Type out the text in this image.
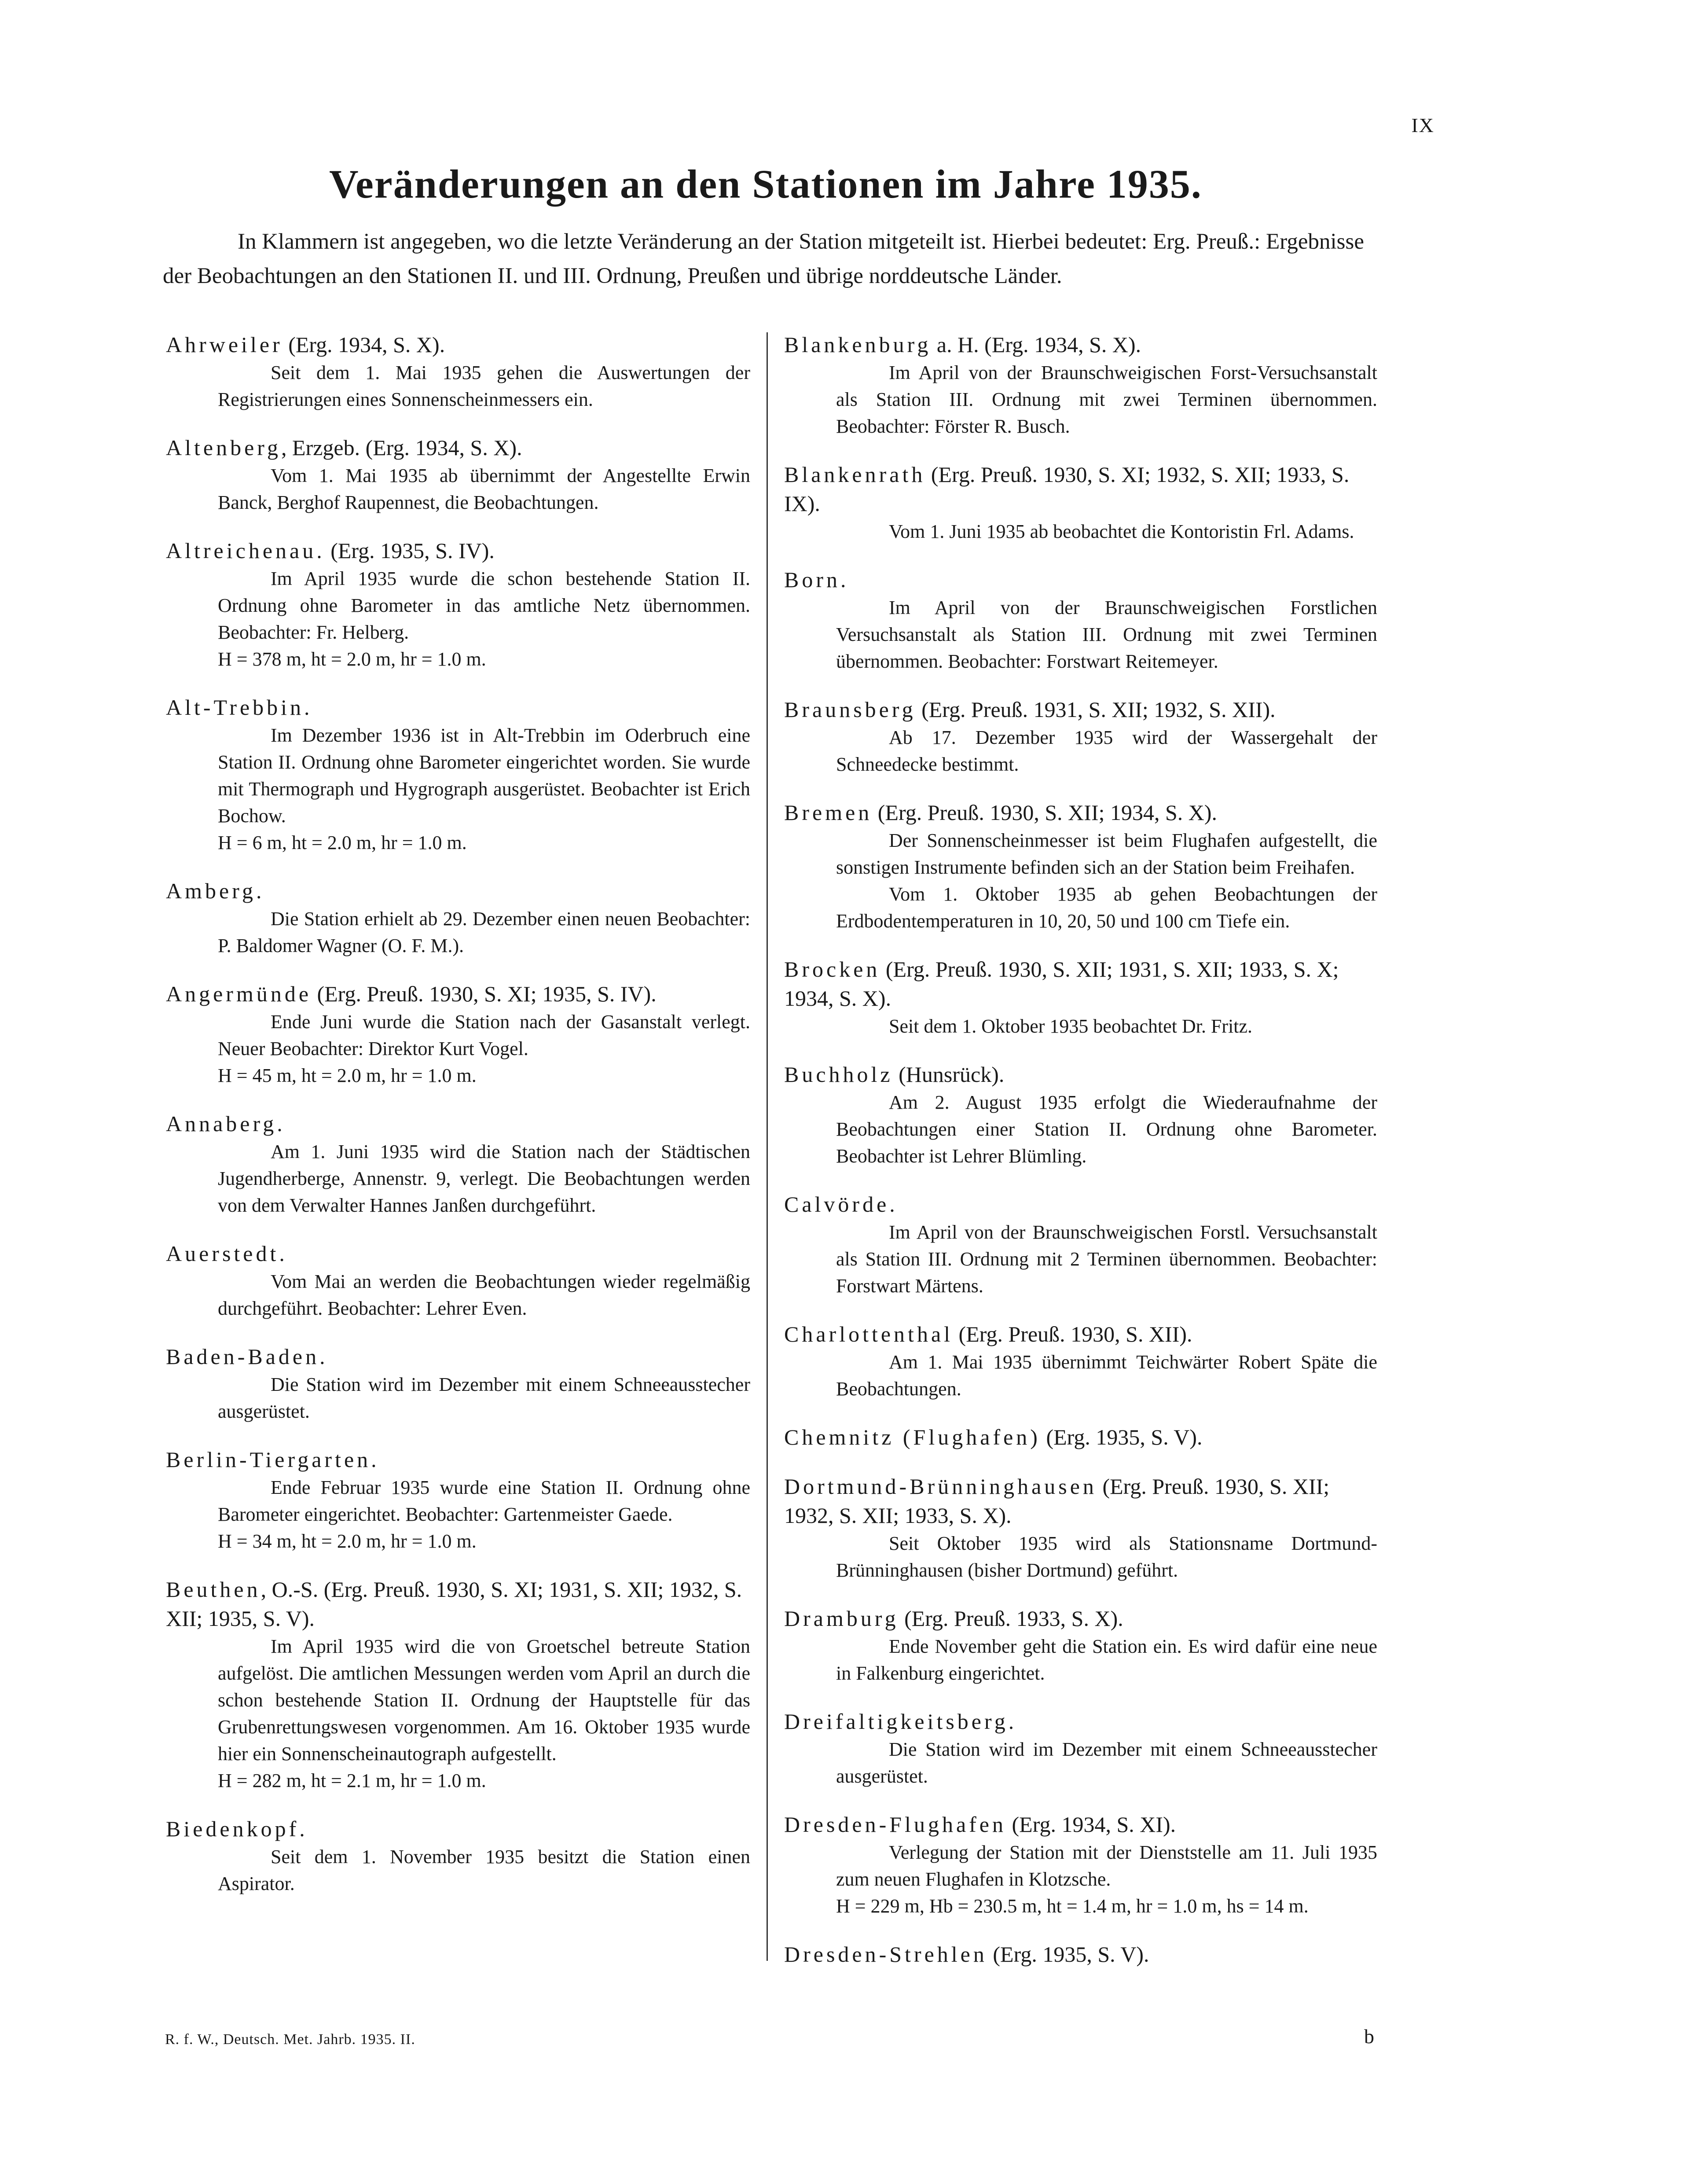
IX
Veränderungen an den Stationen im Jahre 1935.
In Klammern ist angegeben, wo die letzte Veränderung an der Station mitgeteilt ist. Hierbei bedeutet: Erg. Preuß.: Ergebnisse der Beobachtungen an den Stationen II. und III. Ordnung, Preußen und übrige norddeutsche Länder.
Ahrweiler (Erg. 1934, S. X).

Seit dem 1. Mai 1935 gehen die Auswertungen der Registrierungen eines Sonnenscheinmessers ein.

Altenberg, Erzgeb. (Erg. 1934, S. X).

Vom 1. Mai 1935 ab übernimmt der Angestellte Erwin Banck, Berghof Raupennest, die Beobachtungen.

Altreichenau. (Erg. 1935, S. IV).

Im April 1935 wurde die schon bestehende Station II. Ordnung ohne Barometer in das amtliche Netz übernommen. Beobachter: Fr. Helberg.

H = 378 m, ht = 2.0 m, hr = 1.0 m.
Alt-Trebbin.

Im Dezember 1936 ist in Alt-Trebbin im Oderbruch eine Station II. Ordnung ohne Barometer eingerichtet worden. Sie wurde mit Thermograph und Hygrograph ausgerüstet. Beobachter ist Erich Bochow.

H = 6 m, ht = 2.0 m, hr = 1.0 m.
Amberg.

Die Station erhielt ab 29. Dezember einen neuen Beobachter: P. Baldomer Wagner (O. F. M.).

Angermünde (Erg. Preuß. 1930, S. XI; 1935, S. IV).

Ende Juni wurde die Station nach der Gasanstalt verlegt. Neuer Beobachter: Direktor Kurt Vogel.

H = 45 m, ht = 2.0 m, hr = 1.0 m.
Annaberg.

Am 1. Juni 1935 wird die Station nach der Städtischen Jugendherberge, Annenstr. 9, verlegt. Die Beobachtungen werden von dem Verwalter Hannes Janßen durchgeführt.

Auerstedt.

Vom Mai an werden die Beobachtungen wieder regelmäßig durchgeführt. Beobachter: Lehrer Even.

Baden-Baden.

Die Station wird im Dezember mit einem Schneeausstecher ausgerüstet.

Berlin-Tiergarten.

Ende Februar 1935 wurde eine Station II. Ordnung ohne Barometer eingerichtet. Beobachter: Gartenmeister Gaede.

H = 34 m, ht = 2.0 m, hr = 1.0 m.
Beuthen, O.-S. (Erg. Preuß. 1930, S. XI; 1931, S. XII; 1932, S. XII; 1935, S. V).

Im April 1935 wird die von Groetschel betreute Station aufgelöst. Die amtlichen Messungen werden vom April an durch die schon bestehende Station II. Ordnung der Hauptstelle für das Grubenrettungswesen vorgenommen. Am 16. Oktober 1935 wurde hier ein Sonnenscheinautograph aufgestellt.

H = 282 m, ht = 2.1 m, hr = 1.0 m.
Biedenkopf.

Seit dem 1. November 1935 besitzt die Station einen Aspirator.

Blankenburg a. H. (Erg. 1934, S. X).

Im April von der Braunschweigischen Forst-Versuchsanstalt als Station III. Ordnung mit zwei Terminen übernommen. Beobachter: Förster R. Busch.

Blankenrath (Erg. Preuß. 1930, S. XI; 1932, S. XII; 1933, S. IX).

Vom 1. Juni 1935 ab beobachtet die Kontoristin Frl. Adams.

Born.

Im April von der Braunschweigischen Forstlichen Versuchsanstalt als Station III. Ordnung mit zwei Terminen übernommen. Beobachter: Forstwart Reitemeyer.

Braunsberg (Erg. Preuß. 1931, S. XII; 1932, S. XII).

Ab 17. Dezember 1935 wird der Wassergehalt der Schneedecke bestimmt.

Bremen (Erg. Preuß. 1930, S. XII; 1934, S. X).

Der Sonnenscheinmesser ist beim Flughafen aufgestellt, die sonstigen Instrumente befinden sich an der Station beim Freihafen.

Vom 1. Oktober 1935 ab gehen Beobachtungen der Erdbodentemperaturen in 10, 20, 50 und 100 cm Tiefe ein.

Brocken (Erg. Preuß. 1930, S. XII; 1931, S. XII; 1933, S. X; 1934, S. X).

Seit dem 1. Oktober 1935 beobachtet Dr. Fritz.

Buchholz (Hunsrück).

Am 2. August 1935 erfolgt die Wiederaufnahme der Beobachtungen einer Station II. Ordnung ohne Barometer. Beobachter ist Lehrer Blümling.

Calvörde.

Im April von der Braunschweigischen Forstl. Versuchsanstalt als Station III. Ordnung mit 2 Terminen übernommen. Beobachter: Forstwart Märtens.

Charlottenthal (Erg. Preuß. 1930, S. XII).

Am 1. Mai 1935 übernimmt Teichwärter Robert Späte die Beobachtungen.

Chemnitz (Flughafen) (Erg. 1935, S. V).
Dortmund-Brünninghausen (Erg. Preuß. 1930, S. XII; 1932, S. XII; 1933, S. X).

Seit Oktober 1935 wird als Stationsname Dortmund-Brünninghausen (bisher Dortmund) geführt.

Dramburg (Erg. Preuß. 1933, S. X).

Ende November geht die Station ein. Es wird dafür eine neue in Falkenburg eingerichtet.

Dreifaltigkeitsberg.

Die Station wird im Dezember mit einem Schneeausstecher ausgerüstet.

Dresden-Flughafen (Erg. 1934, S. XI).

Verlegung der Station mit der Dienststelle am 11. Juli 1935 zum neuen Flughafen in Klotzsche.

H = 229 m, Hb = 230.5 m, ht = 1.4 m, hr = 1.0 m, hs = 14 m.
Dresden-Strehlen (Erg. 1935, S. V).
R. f. W., Deutsch. Met. Jahrb. 1935. II.	b
